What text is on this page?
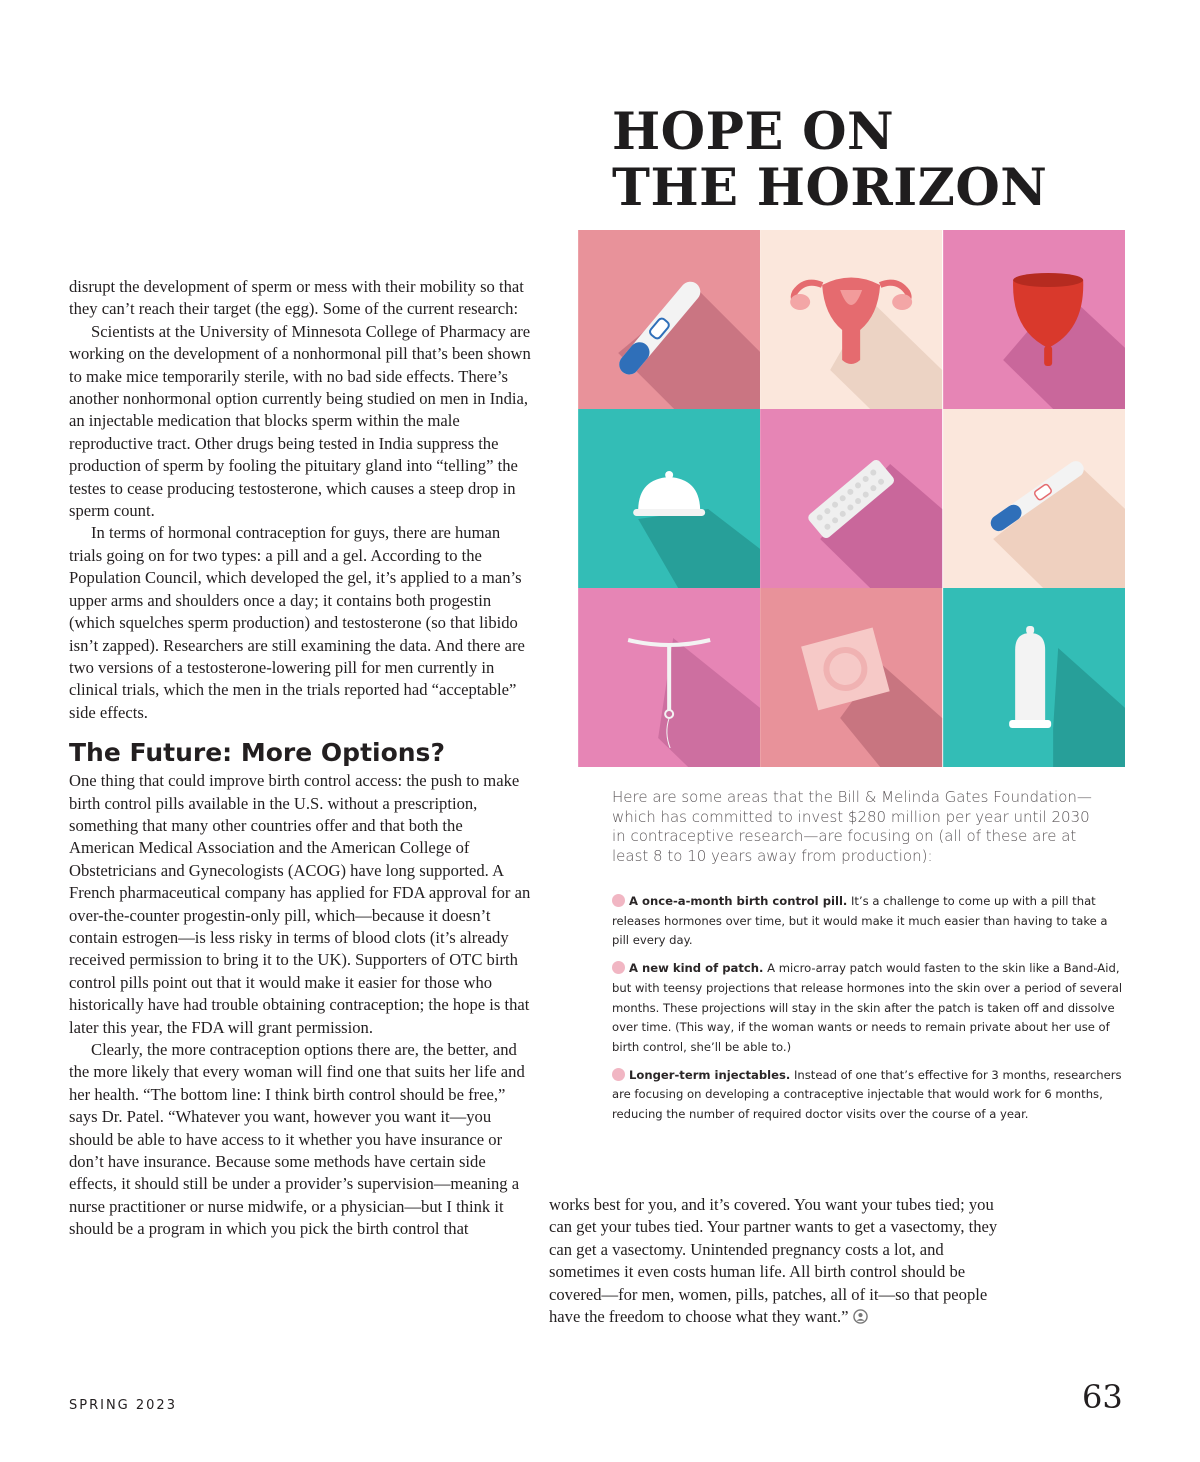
HOPE ON
THE HORIZON

disrupt the development of sperm or mess with their mobility so that they can’t reach their target (the egg). Some of the current research:

Scientists at the University of Minnesota College of Pharmacy are working on the development of a nonhormonal pill that’s been shown to make mice temporarily sterile, with no bad side effects. There’s another nonhormonal option currently being studied on men in India, an injectable medication that blocks sperm within the male reproductive tract. Other drugs being tested in India suppress the production of sperm by fooling the pituitary gland into “telling” the testes to cease producing testosterone, which causes a steep drop in sperm count.

In terms of hormonal contraception for guys, there are human trials going on for two types: a pill and a gel. According to the Population Council, which developed the gel, it’s applied to a man’s upper arms and shoulders once a day; it contains both progestin (which squelches sperm production) and testosterone (so that libido isn’t zapped). Researchers are still examining the data. And there are two versions of a testosterone-lowering pill for men currently in clinical trials, which the men in the trials reported had “acceptable” side effects.

The Future: More Options?

One thing that could improve birth control access: the push to make birth control pills available in the U.S. without a prescription, something that many other countries offer and that both the American Medical Association and the American College of Obstetricians and Gynecologists (ACOG) have long supported. A French pharmaceutical company has applied for FDA approval for an over-the-counter progestin-only pill, which—because it doesn’t contain estrogen—is less risky in terms of blood clots (it’s already received permission to bring it to the UK). Supporters of OTC birth control pills point out that it would make it easier for those who historically have had trouble obtaining contraception; the hope is that later this year, the FDA will grant permission.

Clearly, the more contraception options there are, the better, and the more likely that every woman will find one that suits her life and her health. “The bottom line: I think birth control should be free,” says Dr. Patel. “Whatever you want, however you want it—you should be able to have access to it whether you have insurance or don’t have insurance. Because some methods have certain side effects, it should still be under a provider’s supervision—meaning a nurse practitioner or nurse midwife, or a physician—but I think it should be a program in which you pick the birth control that

Here are some areas that the Bill & Melinda Gates Foundation—which has committed to invest $280 million per year until 2030 in contraceptive research—are focusing on (all of these are at least 8 to 10 years away from production):
A once-a-month birth control pill. It’s a challenge to come up with a pill that releases hormones over time, but it would make it much easier than having to take a pill every day.
A new kind of patch. A micro-array patch would fasten to the skin like a Band-Aid, but with teensy projections that release hormones into the skin over a period of several months. These projections will stay in the skin after the patch is taken off and dissolve over time. (This way, if the woman wants or needs to remain private about her use of birth control, she’ll be able to.)
Longer-term injectables. Instead of one that’s effective for 3 months, researchers are focusing on developing a contraceptive injectable that would work for 6 months, reducing the number of required doctor visits over the course of a year.

works best for you, and it’s covered. You want your tubes tied; you can get your tubes tied. Your partner wants to get a vasectomy, they can get a vasectomy. Unintended pregnancy costs a lot, and sometimes it even costs human life. All birth control should be covered—for men, women, pills, patches, all of it—so that people have the freedom to choose what they want.”

SPRING 2023	63
